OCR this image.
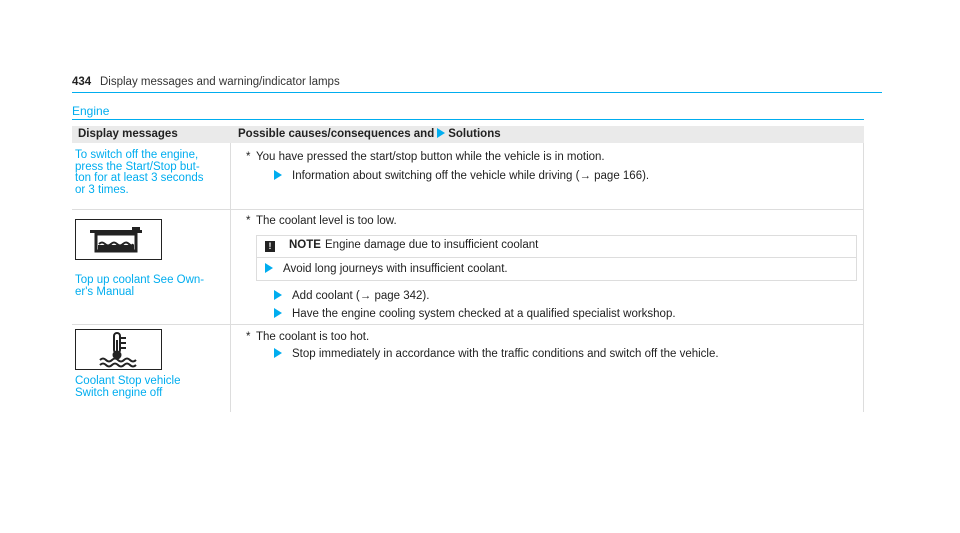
434 Display messages and warning/indicator lamps
Engine
Display messages	Possible causes/consequences and Solutions
To switch off the engine,
press the Start/Stop but-
ton for at least 3 seconds
or 3 times.
* You have pressed the start/stop button while the vehicle is in motion.
Information about switching off the vehicle while driving (→ page 166).
Top up coolant See Own-
er's Manual
* The coolant level is too low.
!	NOTE Engine damage due to insufficient coolant
Avoid long journeys with insufficient coolant.
Add coolant (→ page 342).
Have the engine cooling system checked at a qualified specialist workshop.
Coolant Stop vehicle
Switch engine off
* The coolant is too hot.
Stop immediately in accordance with the traffic conditions and switch off the vehicle.
